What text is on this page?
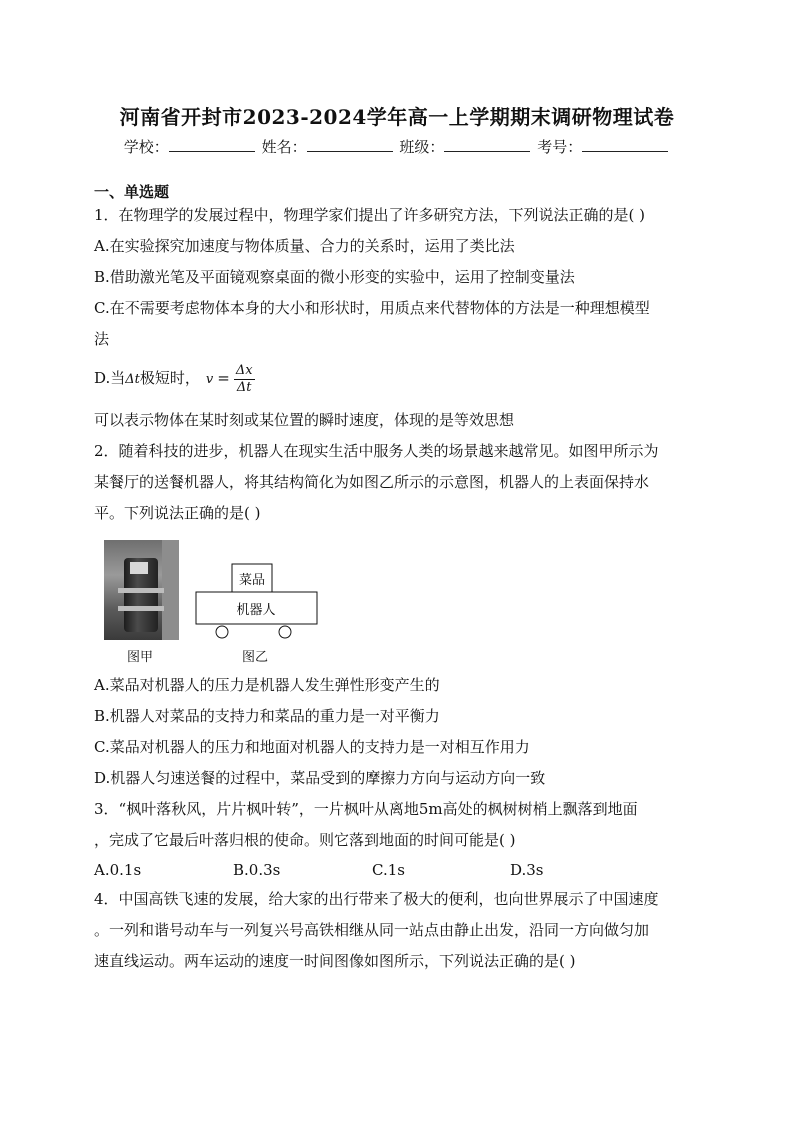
河南省开封市2023-2024学年高一上学期期末调研物理试卷
学校：	姓名：	班级：	考号：
一、单选题
1．在物理学的发展过程中，物理学家们提出了许多研究方法，下列说法正确的是( )
A.在实验探究加速度与物体质量、合力的关系时，运用了类比法
B.借助激光笔及平面镜观察桌面的微小形变的实验中，运用了控制变量法
C.在不需要考虑物体本身的大小和形状时，用质点来代替物体的方法是一种理想模型
法
D.当Δt极短时， $v = \frac{\Delta x}{\Delta t}$
可以表示物体在某时刻或某位置的瞬时速度，体现的是等效思想
2．随着科技的进步，机器人在现实生活中服务人类的场景越来越常见。如图甲所示为
某餐厅的送餐机器人，将其结构简化为如图乙所示的示意图，机器人的上表面保持水
平。下列说法正确的是( )
图甲
菜品
机器人
图乙
A.菜品对机器人的压力是机器人发生弹性形变产生的
B.机器人对菜品的支持力和菜品的重力是一对平衡力
C.菜品对机器人的压力和地面对机器人的支持力是一对相互作用力
D.机器人匀速送餐的过程中，菜品受到的摩擦力方向与运动方向一致
3．“枫叶落秋风，片片枫叶转”，一片枫叶从离地5m高处的枫树树梢上飘落到地面
，完成了它最后叶落归根的使命。则它落到地面的时间可能是( )
A.0.1s	B.0.3s	C.1s	D.3s
4．中国高铁飞速的发展，给大家的出行带来了极大的便利，也向世界展示了中国速度
。一列和谐号动车与一列复兴号高铁相继从同一站点由静止出发，沿同一方向做匀加
速直线运动。两车运动的速度一时间图像如图所示，下列说法正确的是( )
